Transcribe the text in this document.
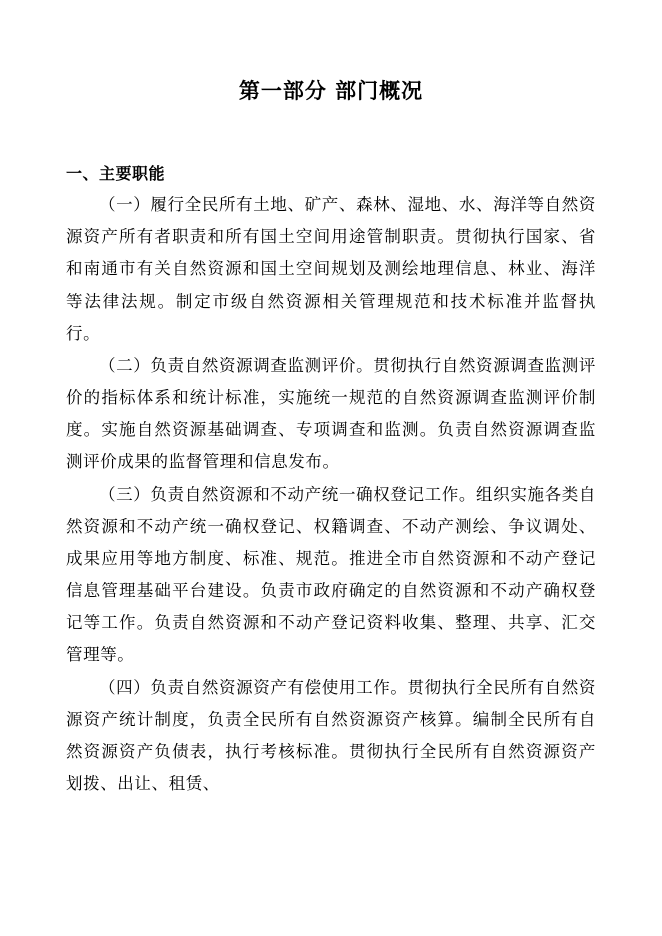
第一部分 部门概况
一、主要职能

（一）履行全民所有土地、矿产、森林、湿地、水、海洋等自然资源资产所有者职责和所有国土空间用途管制职责。贯彻执行国家、省和南通市有关自然资源和国土空间规划及测绘地理信息、林业、海洋等法律法规。制定市级自然资源相关管理规范和技术标准并监督执行。

（二）负责自然资源调查监测评价。贯彻执行自然资源调查监测评价的指标体系和统计标准，实施统一规范的自然资源调查监测评价制度。实施自然资源基础调查、专项调查和监测。负责自然资源调查监测评价成果的监督管理和信息发布。

（三）负责自然资源和不动产统一确权登记工作。组织实施各类自然资源和不动产统一确权登记、权籍调查、不动产测绘、争议调处、成果应用等地方制度、标准、规范。推进全市自然资源和不动产登记信息管理基础平台建设。负责市政府确定的自然资源和不动产确权登记等工作。负责自然资源和不动产登记资料收集、整理、共享、汇交管理等。

（四）负责自然资源资产有偿使用工作。贯彻执行全民所有自然资源资产统计制度，负责全民所有自然资源资产核算。编制全民所有自然资源资产负债表，执行考核标准。贯彻执行全民所有自然资源资产划拨、出让、租赁、
